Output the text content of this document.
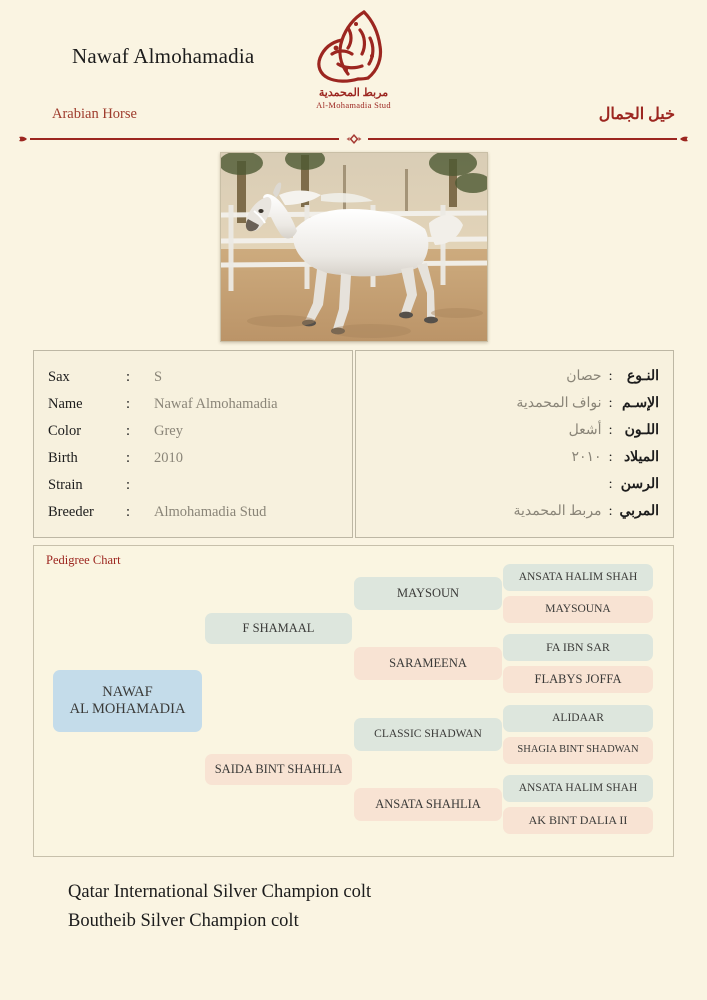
Nawaf Almohamadia
Arabian Horse	خيل الجمال
مربط المحمدية
Al-Mohamadia Stud
Sax	:	S
Name	:	Nawaf Almohamadia
Color	:	Grey
Birth	:	2010
Strain	:	
Breeder	:	Almohamadia Stud
النـوع	:	حصان
الإسـم	:	نواف المحمدية
اللـون	:	أشعل
الميلاد	:	٢٠١٠
الرسن	:	
المربي	:	مربط المحمدية
Pedigree Chart
NAWAF
AL MOHAMADIA
F SHAMAAL
SAIDA BINT SHAHLIA
MAYSOUN
SARAMEENA
CLASSIC SHADWAN
ANSATA SHAHLIA
ANSATA HALIM SHAH
MAYSOUNA
FA IBN SAR
FLABYS JOFFA
ALIDAAR
SHAGIA BINT SHADWAN
ANSATA HALIM SHAH
AK BINT DALIA II
Qatar International Silver Champion colt
Boutheib Silver Champion colt
